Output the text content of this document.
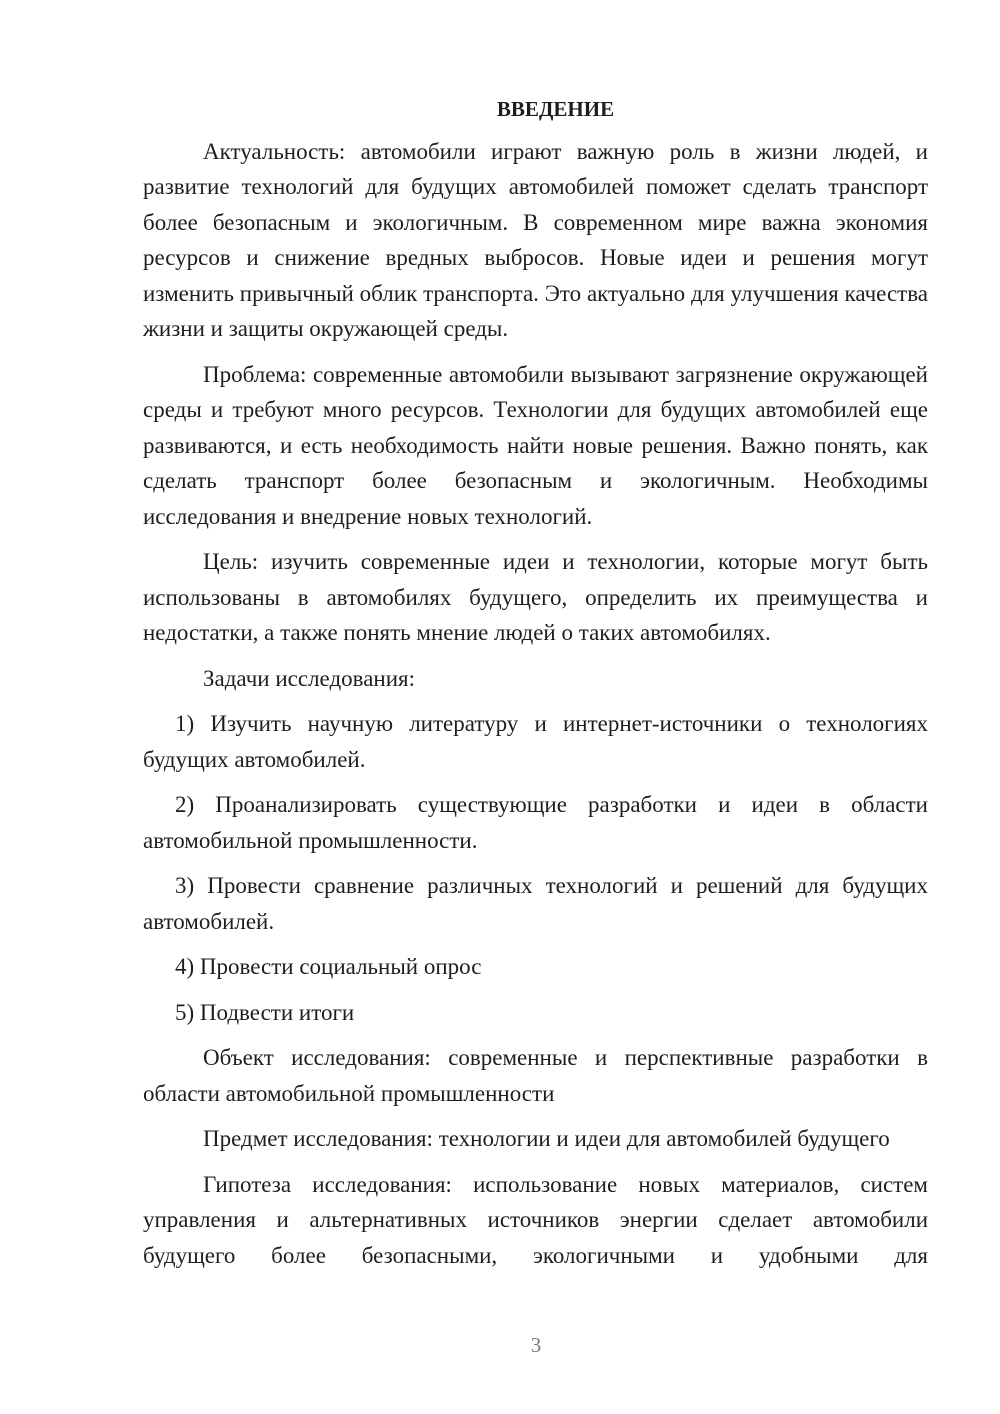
ВВЕДЕНИЕ

Актуальность: автомобили играют важную роль в жизни людей, и развитие технологий для будущих автомобилей поможет сделать транспорт более безопасным и экологичным. В современном мире важна экономия ресурсов и снижение вредных выбросов. Новые идеи и решения могут изменить привычный облик транспорта. Это актуально для улучшения качества жизни и защиты окружающей среды.

Проблема: современные автомобили вызывают загрязнение окружающей среды и требуют много ресурсов. Технологии для будущих автомобилей еще развиваются, и есть необходимость найти новые решения. Важно понять, как сделать транспорт более безопасным и экологичным. Необходимы исследования и внедрение новых технологий.

Цель: изучить современные идеи и технологии, которые могут быть использованы в автомобилях будущего, определить их преимущества и недостатки, а также понять мнение людей о таких автомобилях.

Задачи исследования:

1) Изучить научную литературу и интернет-источники о технологиях будущих автомобилей.

2) Проанализировать существующие разработки и идеи в области автомобильной промышленности.

3) Провести сравнение различных технологий и решений для будущих автомобилей.

4) Провести социальный опрос

5) Подвести итоги

Объект исследования: современные и перспективные разработки в области автомобильной промышленности

Предмет исследования: технологии и идеи для автомобилей будущего

Гипотеза исследования: использование новых материалов, систем управления и альтернативных источников энергии сделает автомобили будущего более безопасными, экологичными и удобными для

3
